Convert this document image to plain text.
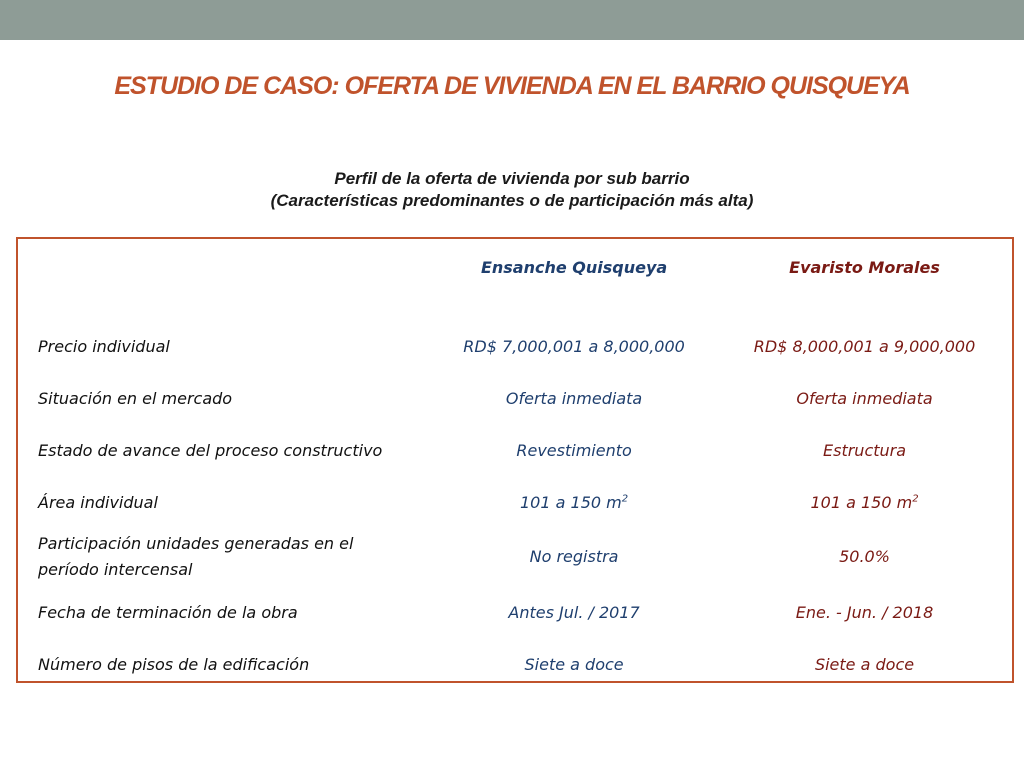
ESTUDIO DE CASO: OFERTA DE VIVIENDA EN EL BARRIO QUISQUEYA
Perfil de la oferta de vivienda por sub barrio
(Características predominantes o de participación más alta)
	Ensanche Quisqueya	Evaristo Morales

Precio individual	RD$ 7,000,001 a 8,000,000	RD$ 8,000,001 a 9,000,000
Situación en el mercado	Oferta inmediata	Oferta inmediata
Estado de avance del proceso constructivo	Revestimiento	Estructura
Área individual	101 a 150 $m^2$	101 a 150 $m^2$
Participación unidades generadas en el
período intercensal	No registra	50.0%
Fecha de terminación de la obra	Antes Jul. / 2017	Ene. - Jun. / 2018
Número de pisos de la edificación	Siete a doce	Siete a doce
